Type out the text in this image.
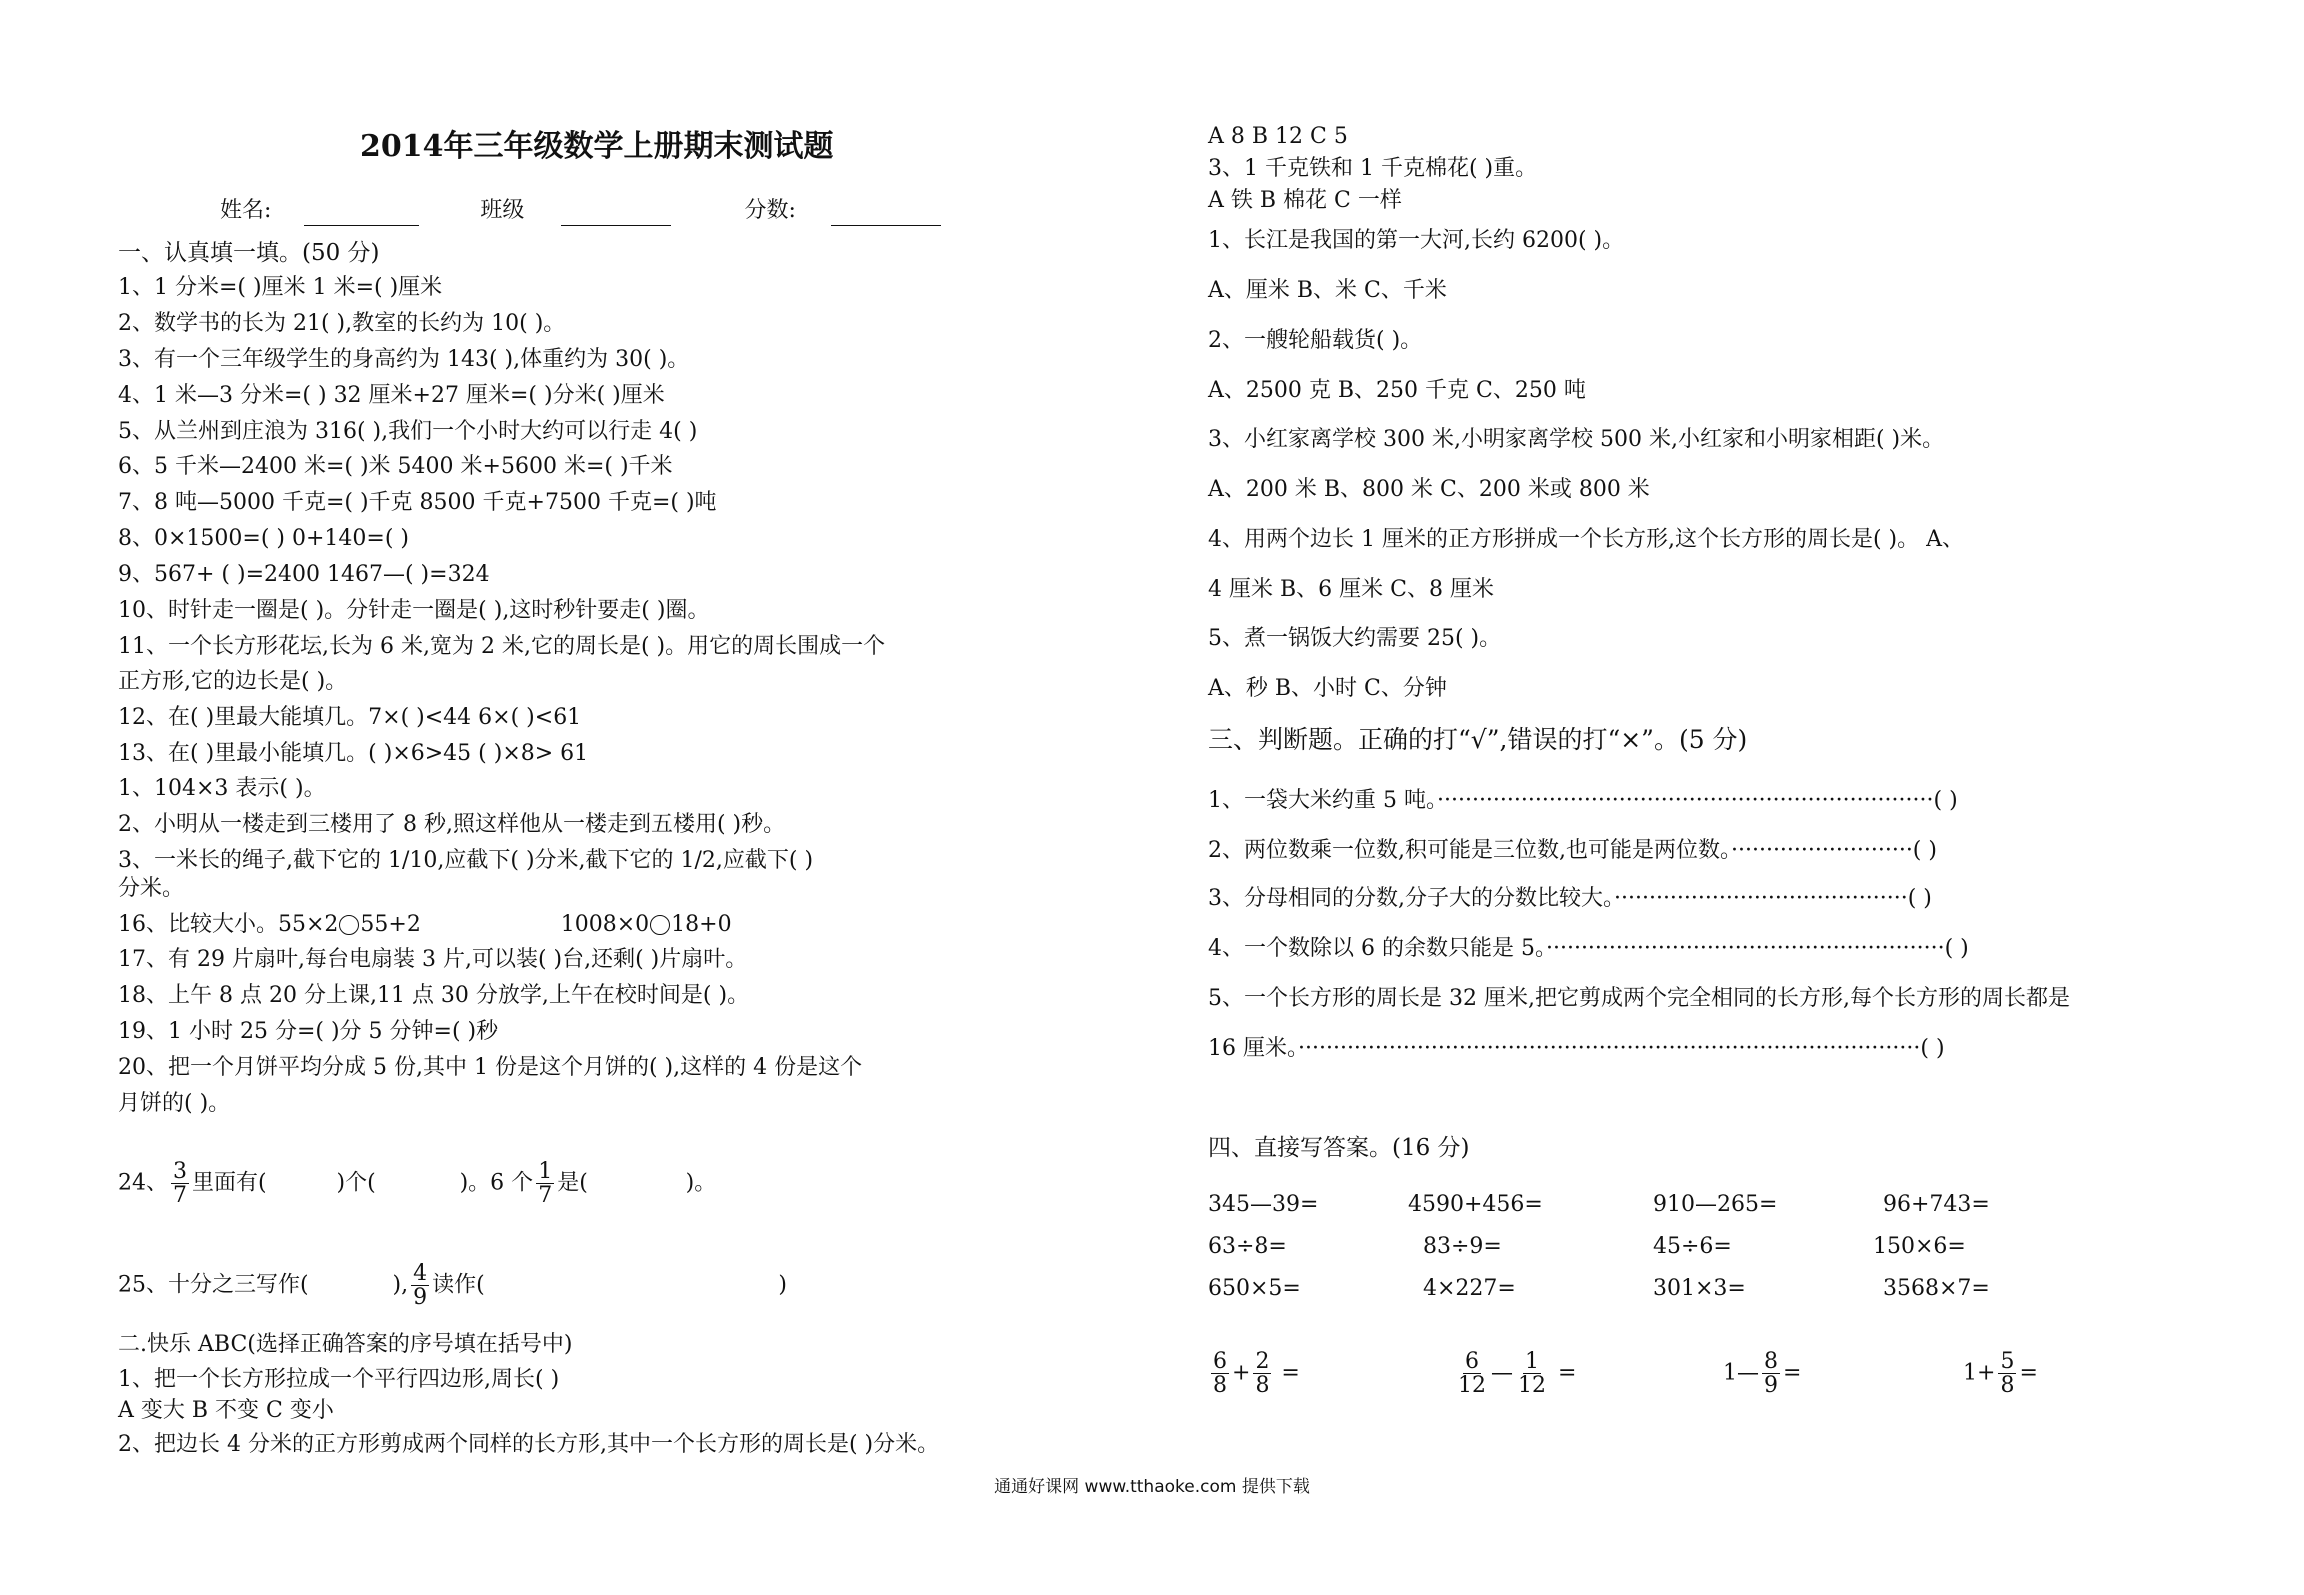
2014年三年级数学上册期末测试题
姓名:	班级	分数:
一、认真填一填。(50 分)
1、1 分米=( )厘米 1 米=( )厘米
2、数学书的长为 21( ),教室的长约为 10( )。
3、有一个三年级学生的身高约为 143( ),体重约为 30( )。
4、1 米—3 分米=( ) 32 厘米+27 厘米=( )分米( )厘米
5、从兰州到庄浪为 316( ),我们一个小时大约可以行走 4( )
6、5 千米—2400 米=( )米 5400 米+5600 米=( )千米
7、8 吨—5000 千克=( )千克 8500 千克+7500 千克=( )吨
8、0×1500=( ) 0+140=( )
9、567+ ( )=2400 1467—( )=324
10、时针走一圈是( )。分针走一圈是( ),这时秒针要走( )圈。
11、一个长方形花坛,长为 6 米,宽为 2 米,它的周长是( )。用它的周长围成一个
正方形,它的边长是( )。
12、在( )里最大能填几。7×( )<44 6×( )<61
13、在( )里最小能填几。( )×6>45 ( )×8> 61
1、104×3 表示( )。
2、小明从一楼走到三楼用了 8 秒,照这样他从一楼走到五楼用( )秒。
3、一米长的绳子,截下它的 1/10,应截下( )分米,截下它的 1/2,应截下( )
分米。
16、比较大小。55×2 55+2                    1008×0 18+0
17、有 29 片扇叶,每台电扇装 3 片,可以装( )台,还剩( )片扇叶。
18、上午 8 点 20 分上课,11 点 30 分放学,上午在校时间是( )。
19、1 小时 25 分=( )分 5 分钟=( )秒
20、把一个月饼平均分成 5 份,其中 1 份是这个月饼的( ),这样的 4 份是这个
月饼的( )。
24、 $\frac{3}{7}$ 里面有(          )个(            )。6 个 $\frac{1}{7}$ 是(              )。
25、十分之三写作(            ), $\frac{4}{9}$ 读作(                                          )
二.快乐 ABC(选择正确答案的序号填在括号中)
1、把一个长方形拉成一个平行四边形,周长( )
A 变大 B 不变 C 变小
2、把边长 4 分米的正方形剪成两个同样的长方形,其中一个长方形的周长是( )分米。
A 8 B 12 C 5
3、1 千克铁和 1 千克棉花( )重。
A 铁 B 棉花 C 一样
1、长江是我国的第一大河,长约 6200( )。
A、厘米 B、米 C、千米
2、一艘轮船载货( )。
A、2500 克 B、250 千克 C、250 吨
3、小红家离学校 300 米,小明家离学校 500 米,小红家和小明家相距( )米。
A、200 米 B、800 米 C、200 米或 800 米
4、用两个边长 1 厘米的正方形拼成一个长方形,这个长方形的周长是( )。 A、
4 厘米 B、6 厘米 C、8 厘米
5、煮一锅饭大约需要 25( )。
A、秒 B、小时 C、分钟
三、判断题。正确的打“√”,错误的打“×”。(5 分)
1、一袋大米约重 5 吨。·······································································( )
2、两位数乘一位数,积可能是三位数,也可能是两位数。··························( )
3、分母相同的分数,分子大的分数比较大。··········································( )
4、一个数除以 6 的余数只能是 5。·························································( )
5、一个长方形的周长是 32 厘米,把它剪成两个完全相同的长方形,每个长方形的周长都是
16 厘米。·························································································( )
四、直接写答案。(16 分)
345—39=	4590+456=	910—265=	96+743=
63÷8=	83÷9=	45÷6=	150×6=
650×5=	4×227=	301×3=	3568×7=
$\frac{6}{8} + \frac{2}{8}$ =	$\frac{6}{12}$ — $\frac{1}{12}$ =	1— $\frac{8}{9}$ =	$1+ \frac{5}{8}$ =
通通好课网 www.tthaoke.com 提供下载
